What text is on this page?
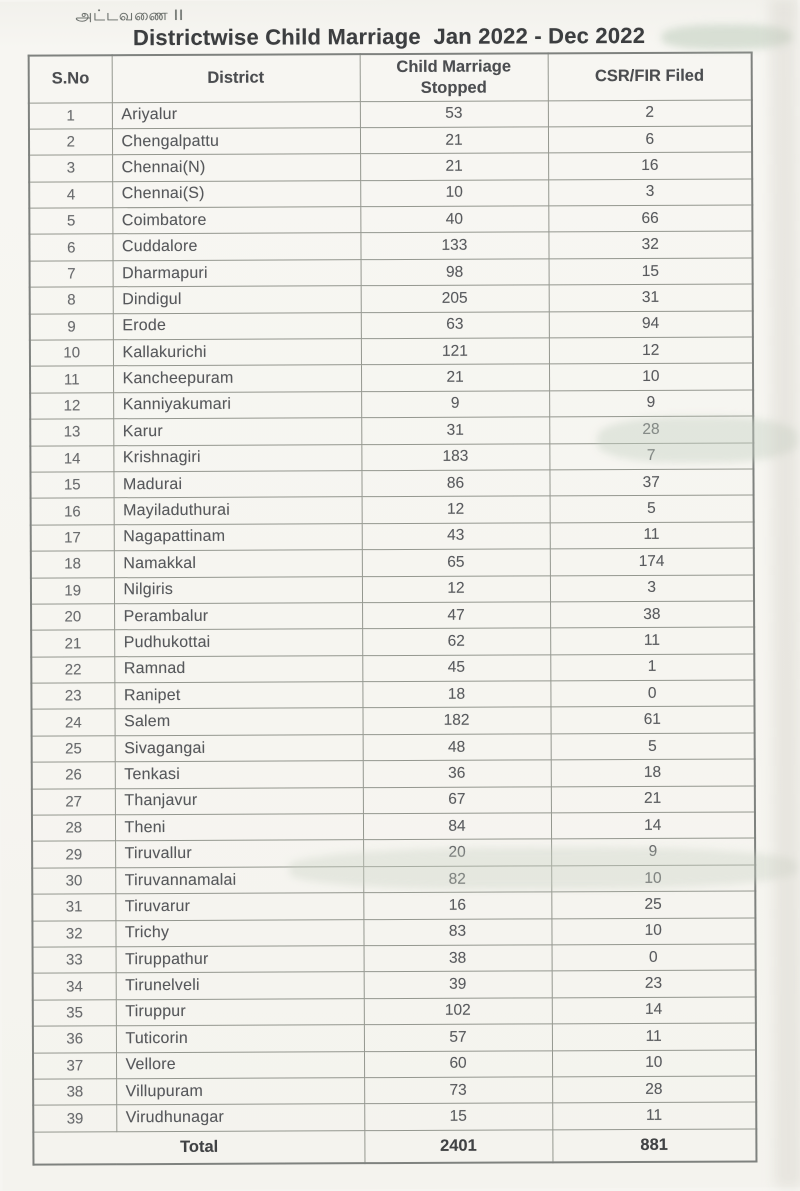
அட்டவணை II
Districtwise Child Marriage  Jan 2022 - Dec 2022
S.No	District	Child Marriage Stopped	CSR/FIR Filed
1	Ariyalur	53	2
2	Chengalpattu	21	6
3	Chennai(N)	21	16
4	Chennai(S)	10	3
5	Coimbatore	40	66
6	Cuddalore	133	32
7	Dharmapuri	98	15
8	Dindigul	205	31
9	Erode	63	94
10	Kallakurichi	121	12
11	Kancheepuram	21	10
12	Kanniyakumari	9	9
13	Karur	31	28
14	Krishnagiri	183	7
15	Madurai	86	37
16	Mayiladuthurai	12	5
17	Nagapattinam	43	11
18	Namakkal	65	174
19	Nilgiris	12	3
20	Perambalur	47	38
21	Pudhukottai	62	11
22	Ramnad	45	1
23	Ranipet	18	0
24	Salem	182	61
25	Sivagangai	48	5
26	Tenkasi	36	18
27	Thanjavur	67	21
28	Theni	84	14
29	Tiruvallur	20	9
30	Tiruvannamalai	82	10
31	Tiruvarur	16	25
32	Trichy	83	10
33	Tiruppathur	38	0
34	Tirunelveli	39	23
35	Tiruppur	102	14
36	Tuticorin	57	11
37	Vellore	60	10
38	Villupuram	73	28
39	Virudhunagar	15	11
Total		2401	881
